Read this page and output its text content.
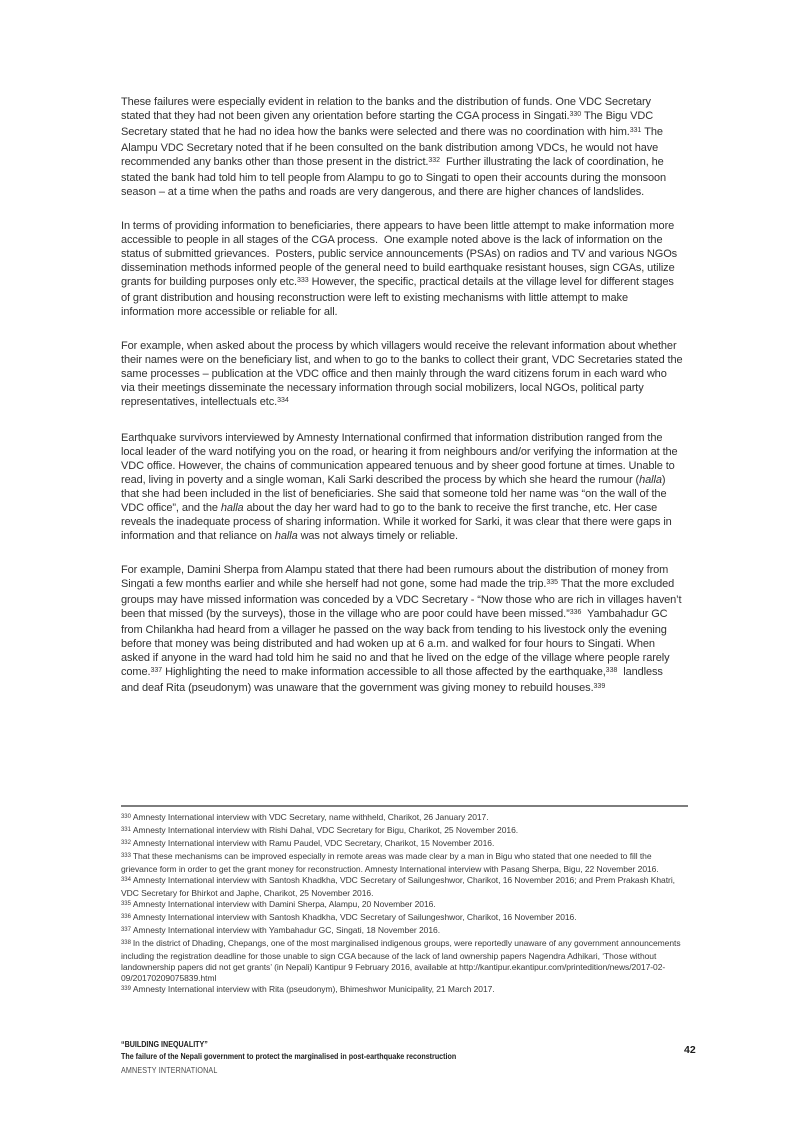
These failures were especially evident in relation to the banks and the distribution of funds. One VDC Secretary stated that they had not been given any orientation before starting the CGA process in Singati.$^{330}$ The Bigu VDC Secretary stated that he had no idea how the banks were selected and there was no coordination with him.$^{331}$ The Alampu VDC Secretary noted that if he been consulted on the bank distribution among VDCs, he would not have recommended any banks other than those present in the district.$^{332}$  Further illustrating the lack of coordination, he stated the bank had told him to tell people from Alampu to go to Singati to open their accounts during the monsoon season – at a time when the paths and roads are very dangerous, and there are higher chances of landslides.

In terms of providing information to beneficiaries, there appears to have been little attempt to make information more accessible to people in all stages of the CGA process.  One example noted above is the lack of information on the status of submitted grievances.  Posters, public service announcements (PSAs) on radios and TV and various NGOs dissemination methods informed people of the general need to build earthquake resistant houses, sign CGAs, utilize grants for building purposes only etc.$^{333}$ However, the specific, practical details at the village level for different stages of grant distribution and housing reconstruction were left to existing mechanisms with little attempt to make information more accessible or reliable for all.

For example, when asked about the process by which villagers would receive the relevant information about whether their names were on the beneficiary list, and when to go to the banks to collect their grant, VDC Secretaries stated the same processes – publication at the VDC office and then mainly through the ward citizens forum in each ward who via their meetings disseminate the necessary information through social mobilizers, local NGOs, political party representatives, intellectuals etc.$^{334}$

Earthquake survivors interviewed by Amnesty International confirmed that information distribution ranged from the local leader of the ward notifying you on the road, or hearing it from neighbours and/or verifying the information at the VDC office. However, the chains of communication appeared tenuous and by sheer good fortune at times. Unable to read, living in poverty and a single woman, Kali Sarki described the process by which she heard the rumour (halla) that she had been included in the list of beneficiaries. She said that someone told her name was “on the wall of the VDC office”, and the halla about the day her ward had to go to the bank to receive the first tranche, etc. Her case reveals the inadequate process of sharing information. While it worked for Sarki, it was clear that there were gaps in information and that reliance on halla was not always timely or reliable.

For example, Damini Sherpa from Alampu stated that there had been rumours about the distribution of money from Singati a few months earlier and while she herself had not gone, some had made the trip.$^{335}$ That the more excluded groups may have missed information was conceded by a VDC Secretary - “Now those who are rich in villages haven’t been that missed (by the surveys), those in the village who are poor could have been missed.”$^{336}$  Yambahadur GC from Chilankha had heard from a villager he passed on the way back from tending to his livestock only the evening before that money was being distributed and had woken up at 6 a.m. and walked for four hours to Singati. When asked if anyone in the ward had told him he said no and that he lived on the edge of the village where people rarely come.$^{337}$ Highlighting the need to make information accessible to all those affected by the earthquake,$^{338}$  landless and deaf Rita (pseudonym) was unaware that the government was giving money to rebuild houses.$^{339}$

$^{330}$ Amnesty International interview with VDC Secretary, name withheld, Charikot, 26 January 2017.
$^{331}$ Amnesty International interview with Rishi Dahal, VDC Secretary for Bigu, Charikot, 25 November 2016.
$^{332}$ Amnesty International interview with Ramu Paudel, VDC Secretary, Charikot, 15 November 2016.
$^{333}$ That these mechanisms can be improved especially in remote areas was made clear by a man in Bigu who stated that one needed to fill the grievance form in order to get the grant money for reconstruction. Amnesty International interview with Pasang Sherpa, Bigu, 22 November 2016.
$^{334}$ Amnesty International interview with Santosh Khadkha, VDC Secretary of Sailungeshwor, Charikot, 16 November 2016; and Prem Prakash Khatri, VDC Secretary for Bhirkot and Japhe, Charikot, 25 November 2016.
$^{335}$ Amnesty International interview with Damini Sherpa, Alampu, 20 November 2016.
$^{336}$ Amnesty International interview with Santosh Khadkha, VDC Secretary of Sailungeshwor, Charikot, 16 November 2016.
$^{337}$ Amnesty International interview with Yambahadur GC, Singati, 18 November 2016.
$^{338}$ In the district of Dhading, Chepangs, one of the most marginalised indigenous groups, were reportedly unaware of any government announcements including the registration deadline for those unable to sign CGA because of the lack of land ownership papers Nagendra Adhikari, ‘Those without landownership papers did not get grants’ (in Nepali) Kantipur 9 February 2016, available at http://kantipur.ekantipur.com/printedition/news/2017-02-09/20170209075839.html
$^{339}$ Amnesty International interview with Rita (pseudonym), Bhimeshwor Municipality, 21 March 2017.
“BUILDING INEQUALITY”
The failure of the Nepali government to protect the marginalised in post-earthquake reconstruction
AMNESTY INTERNATIONAL
42
